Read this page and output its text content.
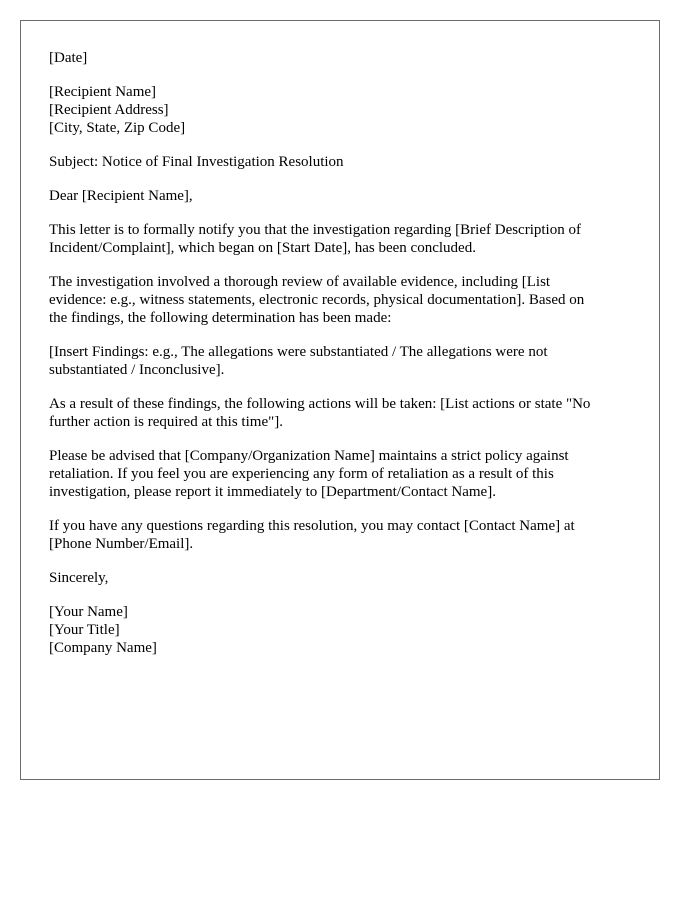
[Date]

[Recipient Name]
[Recipient Address]
[City, State, Zip Code]

Subject: Notice of Final Investigation Resolution

Dear [Recipient Name],

This letter is to formally notify you that the investigation regarding [Brief Description of
Incident/Complaint], which began on [Start Date], has been concluded.

The investigation involved a thorough review of available evidence, including [List
evidence: e.g., witness statements, electronic records, physical documentation]. Based on
the findings, the following determination has been made:

[Insert Findings: e.g., The allegations were substantiated / The allegations were not
substantiated / Inconclusive].

As a result of these findings, the following actions will be taken: [List actions or state "No
further action is required at this time"].

Please be advised that [Company/Organization Name] maintains a strict policy against
retaliation. If you feel you are experiencing any form of retaliation as a result of this
investigation, please report it immediately to [Department/Contact Name].

If you have any questions regarding this resolution, you may contact [Contact Name] at
[Phone Number/Email].

Sincerely,

[Your Name]
[Your Title]
[Company Name]
